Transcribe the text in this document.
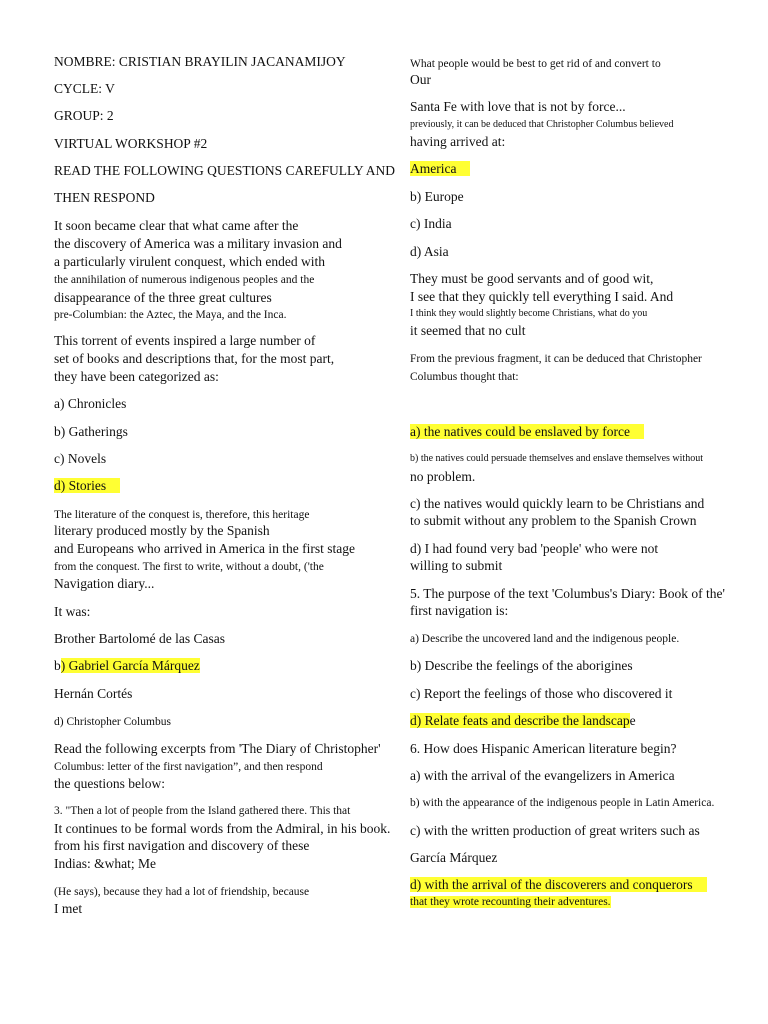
NOMBRE: CRISTIAN BRAYILIN JACANAMIJOY
CYCLE: V
GROUP: 2
VIRTUAL WORKSHOP #2
READ THE FOLLOWING QUESTIONS CAREFULLY AND
THEN RESPOND
It soon became clear that what came after the
the discovery of America was a military invasion and
a particularly virulent conquest, which ended with
the annihilation of numerous indigenous peoples and the
disappearance of the three great cultures
pre-Columbian: the Aztec, the Maya, and the Inca.
This torrent of events inspired a large number of
set of books and descriptions that, for the most part,
they have been categorized as:
a) Chronicles
b) Gatherings
c) Novels
d) Stories
The literature of the conquest is, therefore, this heritage
literary produced mostly by the Spanish
and Europeans who arrived in America in the first stage
from the conquest. The first to write, without a doubt, ('the
Navigation diary...
It was:
Brother Bartolomé de las Casas
b) Gabriel García Márquez
Hernán Cortés
d) Christopher Columbus
Read the following excerpts from 'The Diary of Christopher'
Columbus: letter of the first navigation”, and then respond
the questions below:
3. "Then a lot of people from the Island gathered there. This that
It continues to be formal words from the Admiral, in his book.
from his first navigation and discovery of these
Indias: &what; Me
(He says), because they had a lot of friendship, because
I met
What people would be best to get rid of and convert to
Our
Santa Fe with love that is not by force...
previously, it can be deduced that Christopher Columbus believed
having arrived at:
America
b) Europe
c) India
d) Asia
They must be good servants and of good wit,
I see that they quickly tell everything I said. And
I think they would slightly become Christians, what do you
it seemed that no cult
From the previous fragment, it can be deduced that Christopher
Columbus thought that:
a) the natives could be enslaved by force
b) the natives could persuade themselves and enslave themselves without
no problem.
c) the natives would quickly learn to be Christians and
to submit without any problem to the Spanish Crown
d) I had found very bad 'people' who were not
willing to submit
5. The purpose of the text 'Columbus's Diary: Book of the'
first navigation is:
a) Describe the uncovered land and the indigenous people.
b) Describe the feelings of the aborigines
c) Report the feelings of those who discovered it
d) Relate feats and describe the landscape
6. How does Hispanic American literature begin?
a) with the arrival of the evangelizers in America
b) with the appearance of the indigenous people in Latin America.
c) with the written production of great writers such as
García Márquez
d) with the arrival of the discoverers and conquerors
that they wrote recounting their adventures.
